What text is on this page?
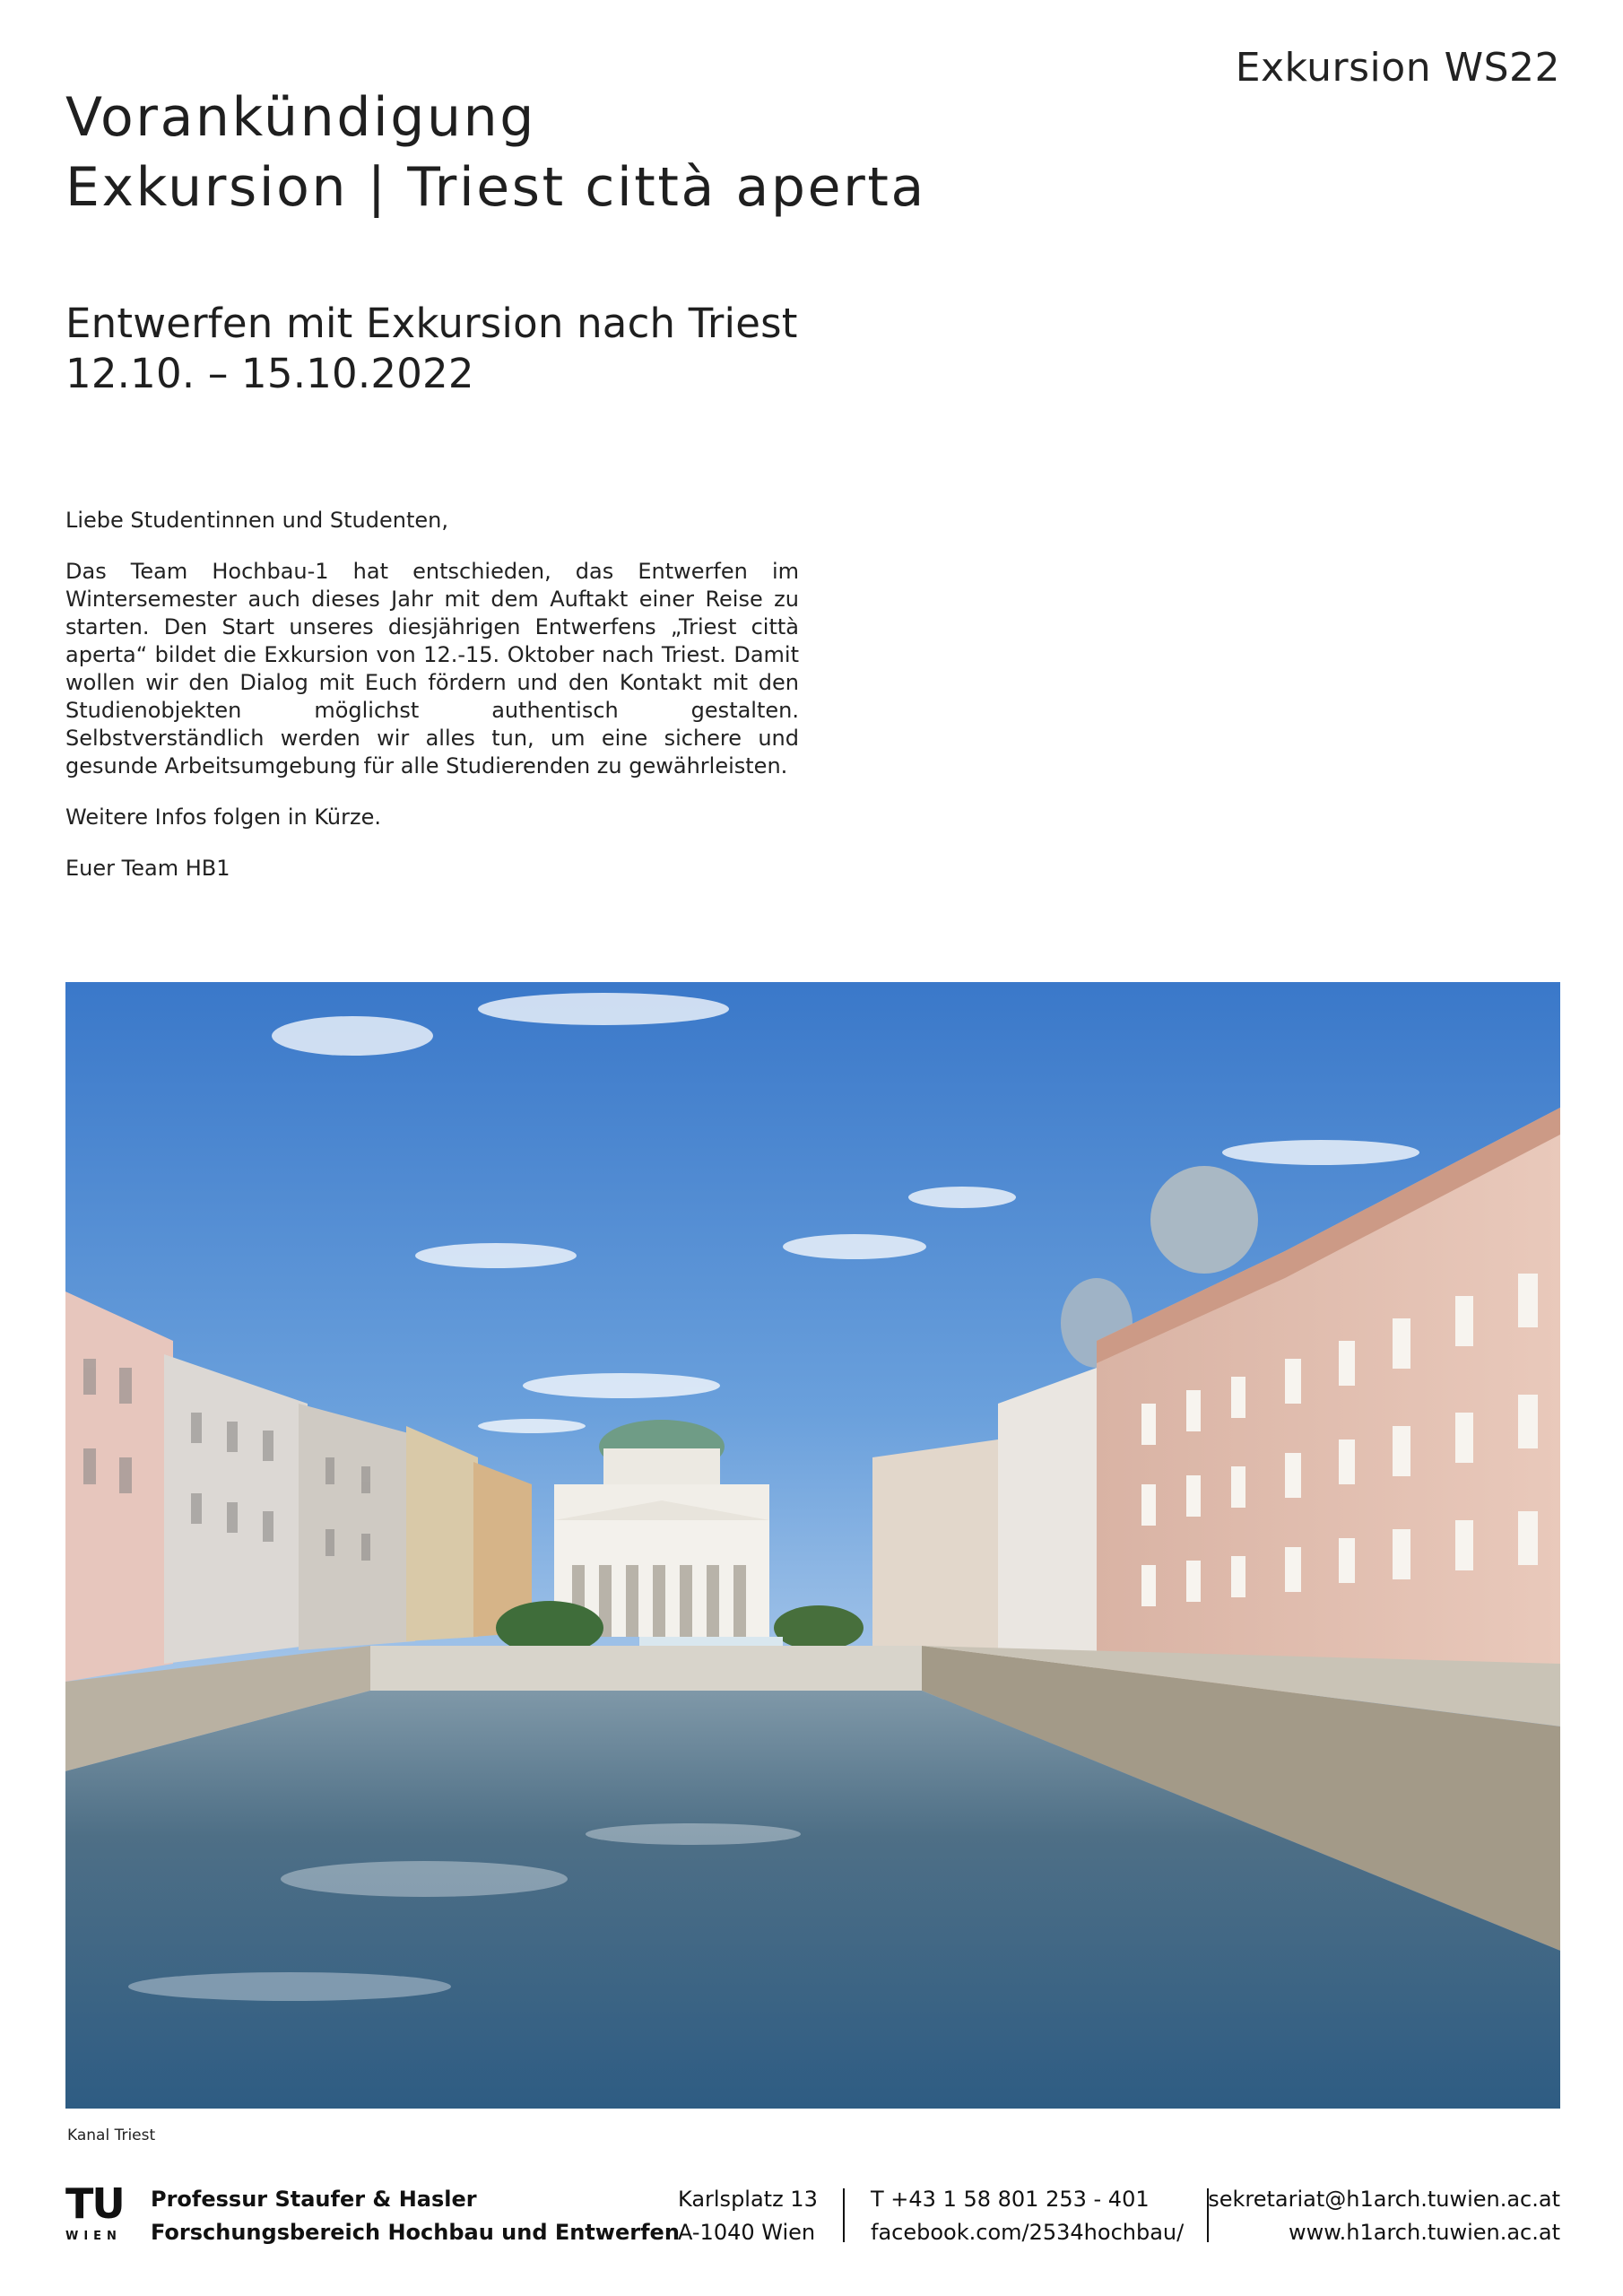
Exkursion WS22
Vorankündigung
Exkursion | Triest città aperta
Entwerfen mit Exkursion nach Triest
12.10. – 15.10.2022

Liebe Studentinnen und Studenten,

Das Team Hochbau-1 hat entschieden, das Entwerfen im Wintersemester auch dieses Jahr mit dem Auftakt einer Reise zu starten. Den Start unseres diesjährigen Entwerfens „Triest città aperta“ bildet die Exkursion von 12.-15. Oktober nach Triest. Damit wollen wir den Dialog mit Euch fördern und den Kontakt mit den Studienobjekten möglichst authentisch gestalten. Selbstverständlich werden wir alles tun, um eine sichere und gesunde Arbeitsumgebung für alle Studierenden zu gewährleisten.

Weitere Infos folgen in Kürze.

Euer Team HB1

Kanal Triest
TU
WIEN
Professur Staufer & Hasler
Forschungsbereich Hochbau und Entwerfen
Karlsplatz 13
A-1040 Wien
T +43 1 58 801 253 - 401
facebook.com/2534hochbau/
sekretariat@h1arch.tuwien.ac.at
www.h1arch.tuwien.ac.at
